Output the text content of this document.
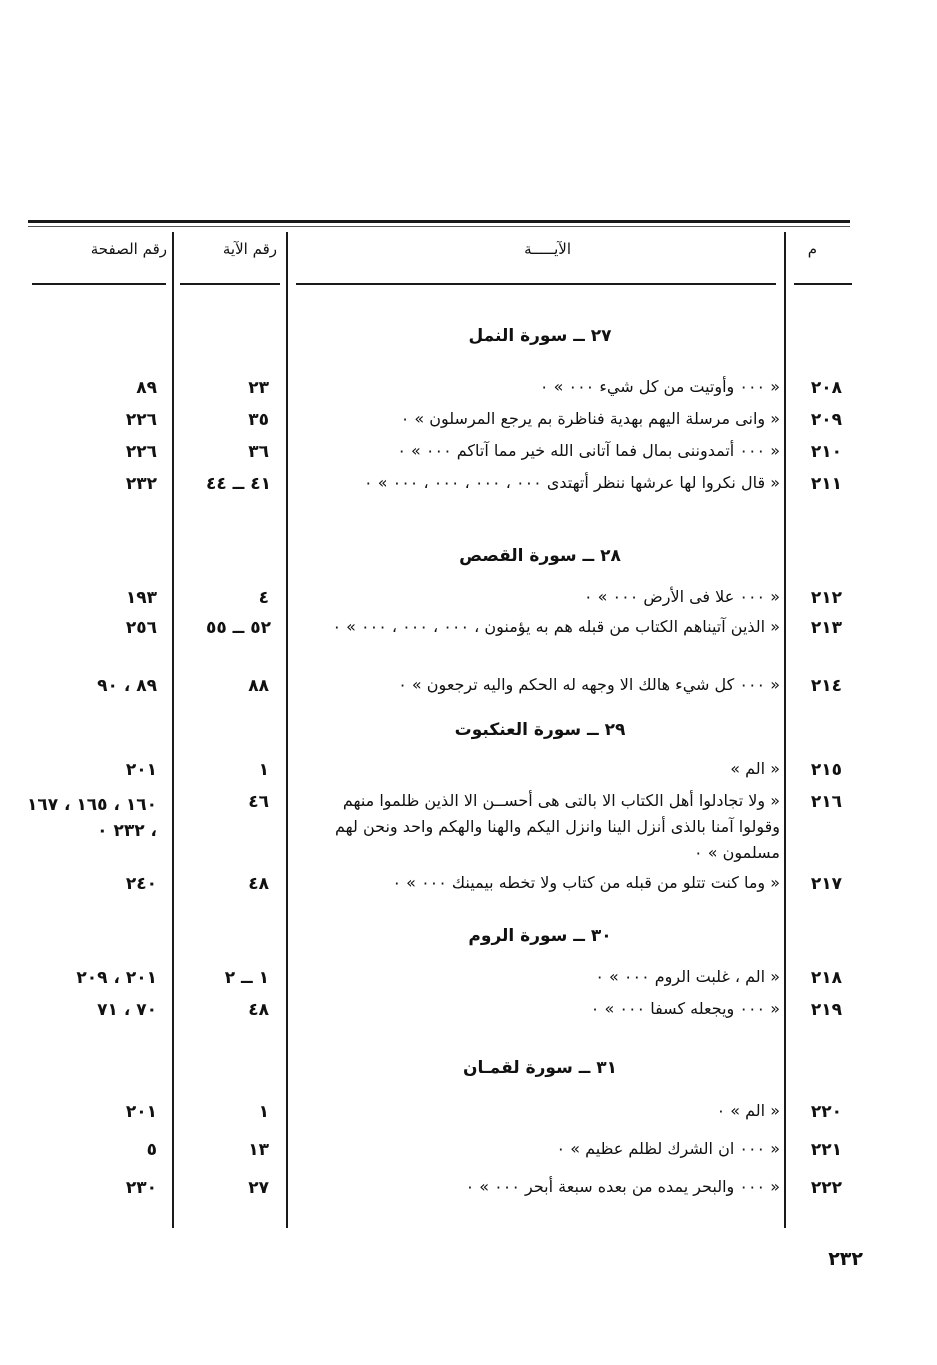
م
الآيـــــة
رقم الآية
رقم الصفحة
٢٧ ــ سورة النمل
٢٨ ــ سورة القصص
٢٩ ــ سورة العنكبوت
٣٠ ــ سورة الروم
٣١ ــ سورة لقمـان
٢٠٨
« ٠٠٠ وأوتيت من كل شيء ٠٠٠ » ٠
٢٣
٨٩
٢٠٩
« وانى مرسلة اليهم بهدية فناظرة بم يرجع المرسلون » ٠
٣٥
٢٢٦
٢١٠
« ٠٠٠ أتمدوننى بمال فما آتانى الله خير مما آتاكم ٠٠٠ » ٠
٣٦
٢٢٦
٢١١
« قال نكروا لها عرشها ننظر أتهتدى ٠٠٠ ، ٠٠٠ ، ٠٠٠ ، ٠٠٠ » ٠
٤١ ــ ٤٤
٢٣٢
٢١٢
« ٠٠٠ علا فى الأرض ٠٠٠ » ٠
٤
١٩٣
٢١٣
« الذين آتيناهم الكتاب من قبله هم به يؤمنون ، ٠٠٠ ، ٠٠٠ ، ٠٠٠ » ٠
٥٢ ــ ٥٥
٢٥٦
٢١٤
« ٠٠٠ كل شيء هالك الا وجهه له الحكم واليه ترجعون » ٠
٨٨
٨٩ ، ٩٠
٢١٥
« الم »
١
٢٠١
٢١٦
« ولا تجادلوا أهل الكتاب الا بالتى هى أحســن الا الذين ظلموا منهم وقولوا آمنا بالذى أنزل الينا وانزل اليكم والهنا والهكم واحد ونحن لهم مسلمون » ٠
٤٦
١٦٠ ، ١٦٥ ، ١٦٧ ، ٢٣٢ ٠
٢١٧
« وما كنت تتلو من قبله من كتاب ولا تخطه بيمينك ٠٠٠ » ٠
٤٨
٢٤٠
٢١٨
« الم ، غلبت الروم ٠٠٠ » ٠
١ ــ ٢
٢٠١ ، ٢٠٩
٢١٩
« ٠٠٠ ويجعله كسفا ٠٠٠ » ٠
٤٨
٧٠ ، ٧١
٢٢٠
« الم » ٠
١
٢٠١
٢٢١
« ٠٠٠ ان الشرك لظلم عظيم » ٠
١٣
٥
٢٢٢
« ٠٠٠ والبحر يمده من بعده سبعة أبحر ٠٠٠ » ٠
٢٧
٢٣٠
٢٣٢
